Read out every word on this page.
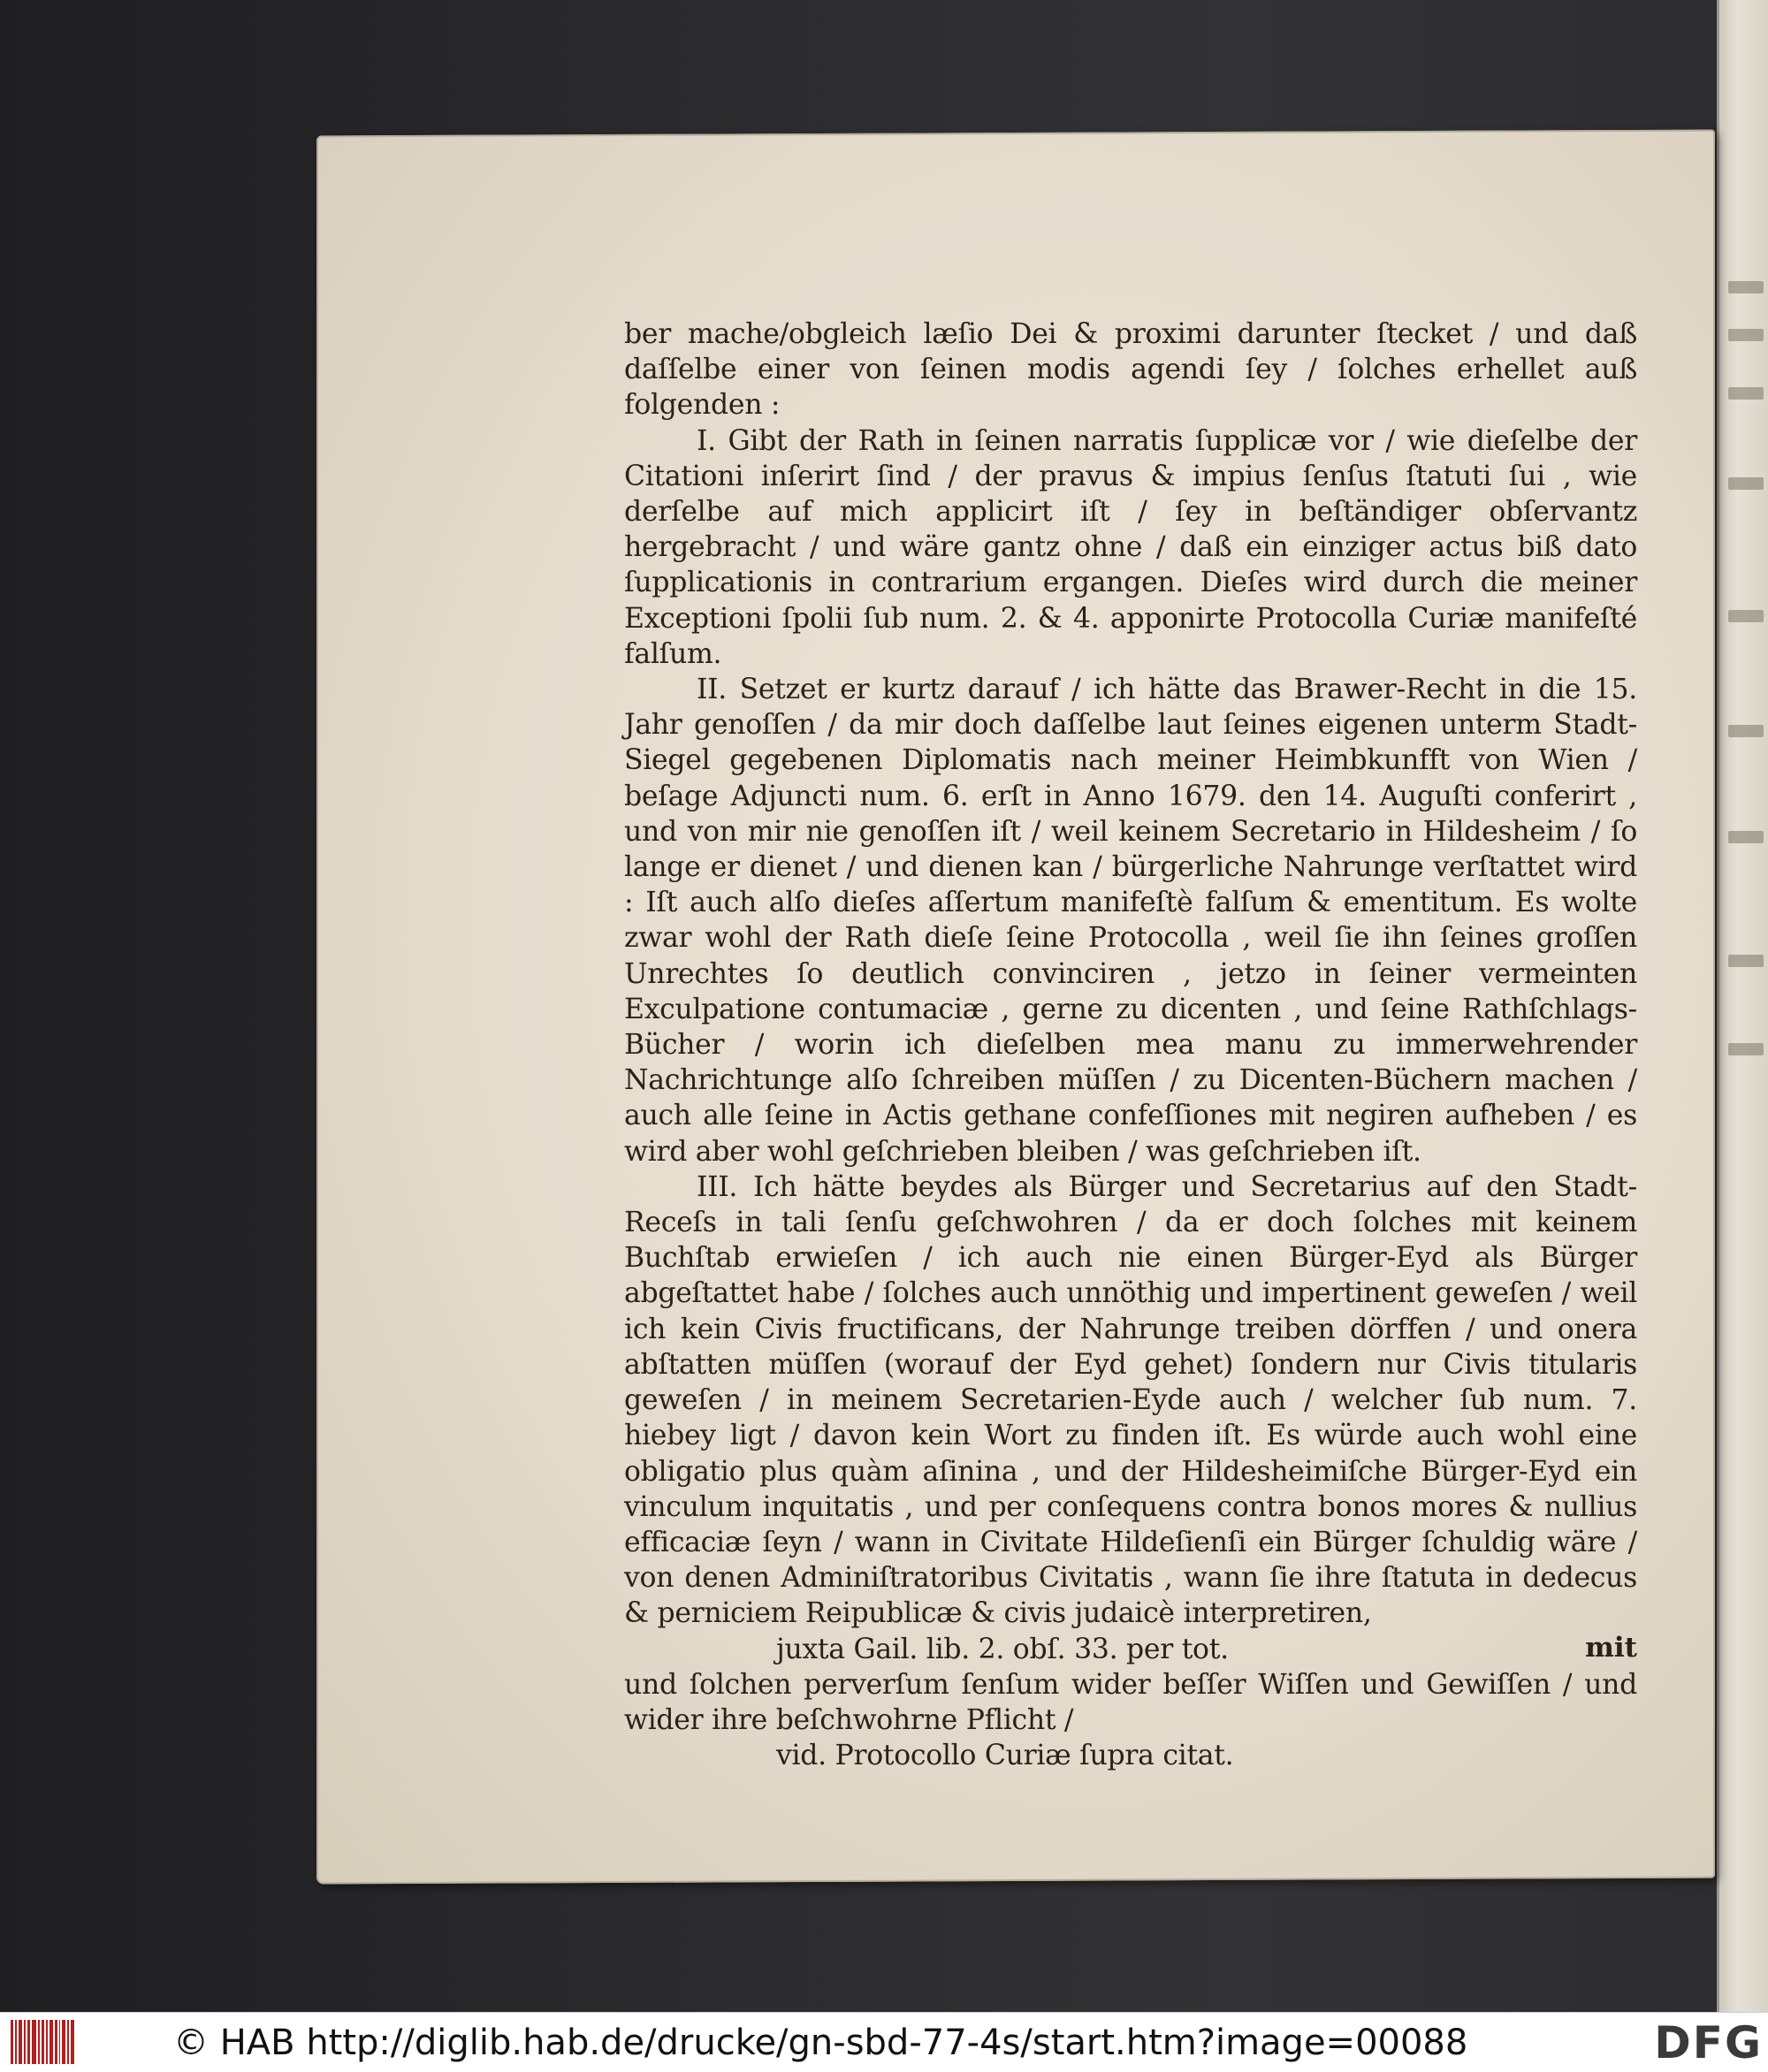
ber mache/obgleich læſio Dei & proximi darunter ſtecket / und daß daſſelbe einer von ſeinen modis agendi ſey / ſolches erhellet auß folgenden :

I. Gibt der Rath in ſeinen narratis ſupplicæ vor / wie dieſelbe der Citationi inſerirt ſind / der pravus & impius ſenſus ſtatuti ſui , wie derſelbe auf mich applicirt iſt / ſey in beſtändiger obſervantz hergebracht / und wäre gantz ohne / daß ein einziger actus biß dato ſupplicationis in contrarium ergangen. Dieſes wird durch die meiner Exceptioni ſpolii ſub num. 2. & 4. apponirte Protocolla Curiæ manifeſté falſum.

II. Setzet er kurtz darauf / ich hätte das Brawer-Recht in die 15. Jahr genoſſen / da mir doch daſſelbe laut ſeines eigenen unterm Stadt-Siegel gegebenen Diplomatis nach meiner Heimbkunfft von Wien / beſage Adjuncti num. 6. erſt in Anno 1679. den 14. Auguſti conferirt , und von mir nie genoſſen iſt / weil keinem Secretario in Hildesheim / ſo lange er dienet / und dienen kan / bürgerliche Nahrunge verſtattet wird : Iſt auch alſo dieſes aſſertum manifeſtè falſum & ementitum. Es wolte zwar wohl der Rath dieſe ſeine Protocolla , weil ſie ihn ſeines groſſen Unrechtes ſo deutlich convinciren , jetzo in ſeiner vermeinten Exculpatione contumaciæ , gerne zu dicenten , und ſeine Rathſchlags-Bücher / worin ich dieſelben mea manu zu immerwehrender Nachrichtunge alſo ſchreiben müſſen / zu Dicenten-Büchern machen / auch alle ſeine in Actis gethane confeſſiones mit negiren aufheben / es wird aber wohl geſchrieben bleiben / was geſchrieben iſt.

III. Ich hätte beydes als Bürger und Secretarius auf den Stadt-Receſs in tali ſenſu geſchwohren / da er doch ſolches mit keinem Buchſtab erwieſen / ich auch nie einen Bürger-Eyd als Bürger abgeſtattet habe / ſolches auch unnöthig und impertinent geweſen / weil ich kein Civis fructificans, der Nahrunge treiben dörffen / und onera abſtatten müſſen (worauf der Eyd gehet) ſondern nur Civis titularis geweſen / in meinem Secretarien-Eyde auch / welcher ſub num. 7. hiebey ligt / davon kein Wort zu finden iſt. Es würde auch wohl eine obligatio plus quàm aſinina , und der Hildesheimiſche Bürger-Eyd ein vinculum inquitatis , und per conſequens contra bonos mores & nullius efficaciæ ſeyn / wann in Civitate Hildeſienſi ein Bürger ſchuldig wäre / von denen Adminiſtratoribus Civitatis , wann ſie ihre ſtatuta in dedecus & perniciem Reipublicæ & civis judaicè interpretiren,

juxta Gail. lib. 2. obſ. 33. per tot.

und ſolchen perverſum ſenſum wider beſſer Wiſſen und Gewiſſen / und wider ihre beſchwohrne Pflicht /

vid. Protocollo Curiæ ſupra citat.

mit
© HAB http://diglib.hab.de/drucke/gn-sbd-77-4s/start.htm?image=00088	DFG
